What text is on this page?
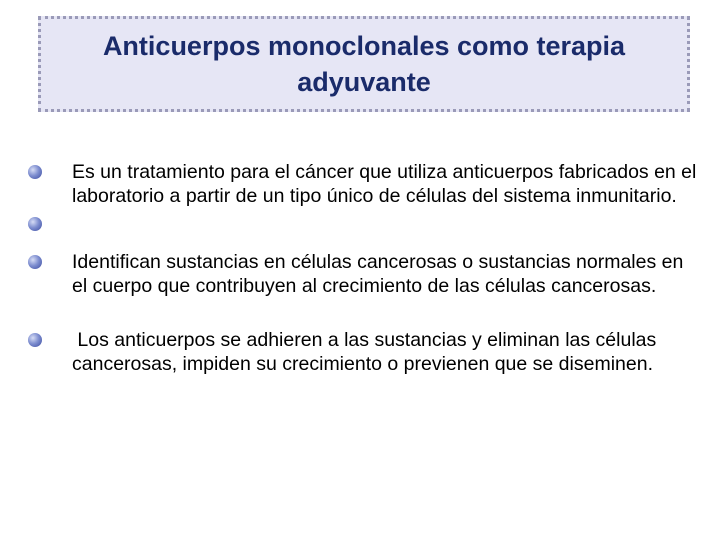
Anticuerpos monoclonales como terapia adyuvante
Es un tratamiento para el cáncer que utiliza anticuerpos fabricados en el laboratorio a partir de un tipo único de células del sistema inmunitario.
Identifican sustancias en células cancerosas o sustancias normales en el cuerpo que contribuyen al crecimiento de las células cancerosas.
Los anticuerpos se adhieren a las sustancias y eliminan las células cancerosas, impiden su crecimiento o previenen que se diseminen.
